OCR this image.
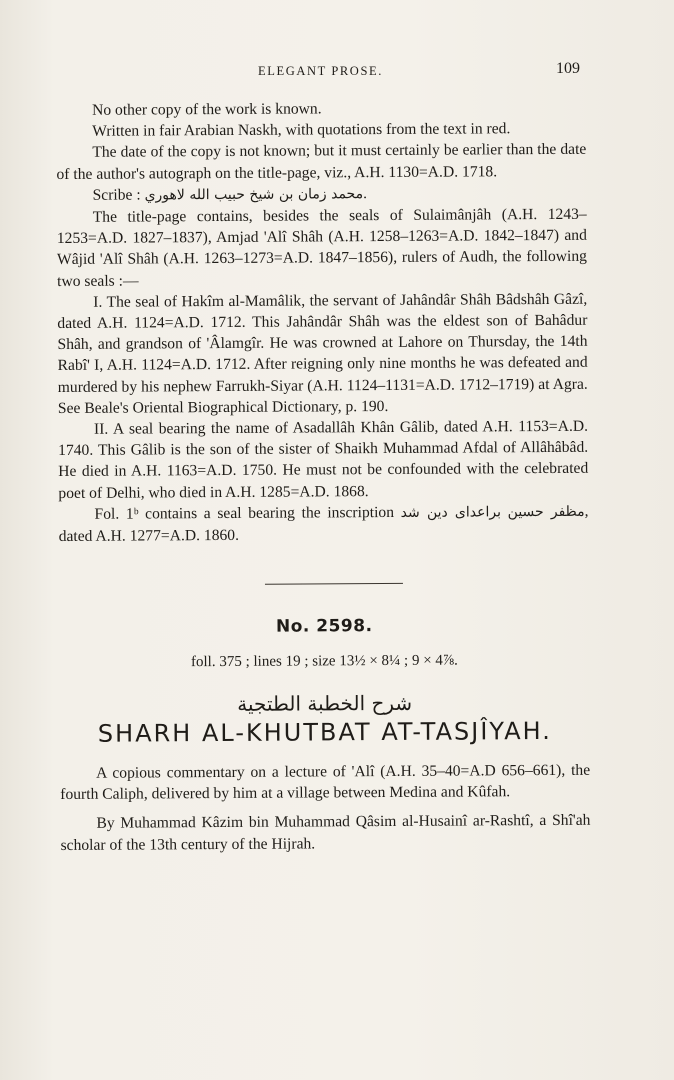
ELEGANT PROSE.	109

No other copy of the work is known.

Written in fair Arabian Naskh, with quotations from the text in red.

The date of the copy is not known; but it must certainly be earlier than the date of the author's autograph on the title-page, viz., A.H. 1130=A.D. 1718.

Scribe : محمد زمان بن شيخ حبيب الله لاهوري.

The title-page contains, besides the seals of Sulaimânjâh (A.H. 1243–1253=A.D. 1827–1837), Amjad 'Alî Shâh (A.H. 1258–1263=A.D. 1842–1847) and Wâjid 'Alî Shâh (A.H. 1263–1273=A.D. 1847–1856), rulers of Audh, the following two seals :—

I. The seal of Hakîm al-Mamâlik, the servant of Jahândâr Shâh Bâdshâh Gâzî, dated A.H. 1124=A.D. 1712. This Jahândâr Shâh was the eldest son of Bahâdur Shâh, and grandson of 'Âlamgîr. He was crowned at Lahore on Thursday, the 14th Rabî' I, A.H. 1124=A.D. 1712. After reigning only nine months he was defeated and murdered by his nephew Farrukh-Siyar (A.H. 1124–1131=A.D. 1712–1719) at Agra. See Beale's Oriental Biographical Dictionary, p. 190.

II. A seal bearing the name of Asadallâh Khân Gâlib, dated A.H. 1153=A.D. 1740. This Gâlib is the son of the sister of Shaikh Muhammad Afdal of Allâhâbâd. He died in A.H. 1163=A.D. 1750. He must not be confounded with the celebrated poet of Delhi, who died in A.H. 1285=A.D. 1868.

Fol. 1ᵇ contains a seal bearing the inscription براعدای دین شد مظفر حسین, dated A.H. 1277=A.D. 1860.

No. 2598.
foll. 375 ; lines 19 ; size 13½ × 8¼ ; 9 × 4⅞.
شرح الخطبة الطتجية
SHARH AL-KHUTBAT AT-TASJÎYAH.

A copious commentary on a lecture of 'Alî (A.H. 35–40=A.D 656–661), the fourth Caliph, delivered by him at a village between Medina and Kûfah.

By Muhammad Kâzim bin Muhammad Qâsim al-Husainî ar-Rashtî, a Shî'ah scholar of the 13th century of the Hijrah.
